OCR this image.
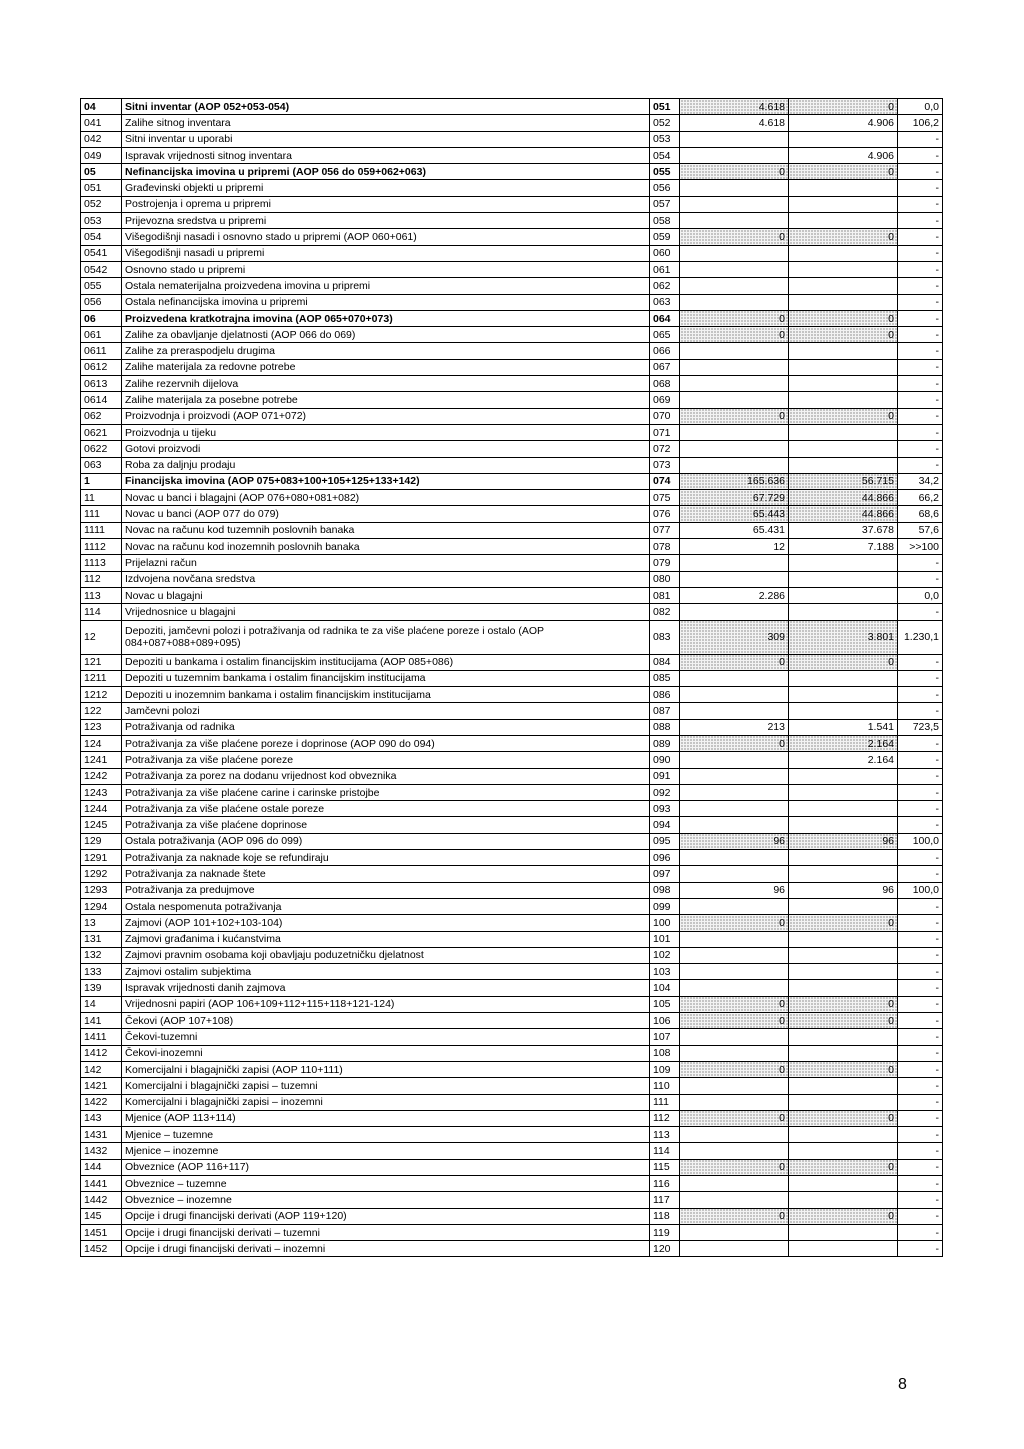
04	Sitni inventar (AOP 052+053-054)	051	4.618	0	0,0
041	Zalihe sitnog inventara	052	4.618	4.906	106,2
042	Sitni inventar u uporabi	053			-
049	Ispravak vrijednosti sitnog inventara	054		4.906	-
05	Nefinancijska imovina u pripremi (AOP 056 do 059+062+063)	055	0	0	-
051	Građevinski objekti u pripremi	056			-
052	Postrojenja i oprema u pripremi	057			-
053	Prijevozna sredstva u pripremi	058			-
054	Višegodišnji nasadi i osnovno stado u pripremi (AOP 060+061)	059	0	0	-
0541	Višegodišnji nasadi u pripremi	060			-
0542	Osnovno stado u pripremi	061			-
055	Ostala nematerijalna proizvedena imovina u pripremi	062			-
056	Ostala nefinancijska imovina u pripremi	063			-
06	Proizvedena kratkotrajna imovina (AOP 065+070+073)	064	0	0	-
061	Zalihe za obavljanje djelatnosti (AOP 066 do 069)	065	0	0	-
0611	Zalihe za preraspodjelu drugima	066			-
0612	Zalihe materijala za redovne potrebe	067			-
0613	Zalihe rezervnih dijelova	068			-
0614	Zalihe materijala za posebne potrebe	069			-
062	Proizvodnja i proizvodi (AOP 071+072)	070	0	0	-
0621	Proizvodnja u tijeku	071			-
0622	Gotovi proizvodi	072			-
063	Roba za daljnju prodaju	073			-
1	Financijska imovina (AOP 075+083+100+105+125+133+142)	074	165.636	56.715	34,2
11	Novac u banci i blagajni (AOP 076+080+081+082)	075	67.729	44.866	66,2
111	Novac u banci (AOP 077 do 079)	076	65.443	44.866	68,6
1111	Novac na računu kod tuzemnih poslovnih banaka	077	65.431	37.678	57,6
1112	Novac na računu kod inozemnih poslovnih banaka	078	12	7.188	>>100
1113	Prijelazni račun	079			-
112	Izdvojena novčana sredstva	080			-
113	Novac u blagajni	081	2.286		0,0
114	Vrijednosnice u blagajni	082			-
12	Depoziti, jamčevni polozi i potraživanja od radnika te za više plaćene poreze i ostalo (AOP 084+087+088+089+095)	083	309	3.801	1.230,1
121	Depoziti u bankama i ostalim financijskim institucijama (AOP 085+086)	084	0	0	-
1211	Depoziti u tuzemnim bankama i ostalim financijskim institucijama	085			-
1212	Depoziti u inozemnim bankama i ostalim financijskim institucijama	086			-
122	Jamčevni polozi	087			-
123	Potraživanja od radnika	088	213	1.541	723,5
124	Potraživanja za više plaćene poreze i doprinose (AOP 090 do 094)	089	0	2.164	-
1241	Potraživanja za više plaćene poreze	090		2.164	-
1242	Potraživanja za porez na dodanu vrijednost kod obveznika	091			-
1243	Potraživanja za više plaćene carine i carinske pristojbe	092			-
1244	Potraživanja za više plaćene ostale poreze	093			-
1245	Potraživanja za više plaćene doprinose	094			-
129	Ostala potraživanja (AOP 096 do 099)	095	96	96	100,0
1291	Potraživanja za naknade koje se refundiraju	096			-
1292	Potraživanja za naknade štete	097			-
1293	Potraživanja za predujmove	098	96	96	100,0
1294	Ostala nespomenuta potraživanja	099			-
13	Zajmovi (AOP 101+102+103-104)	100	0	0	-
131	Zajmovi građanima i kućanstvima	101			-
132	Zajmovi pravnim osobama koji obavljaju poduzetničku djelatnost	102			-
133	Zajmovi ostalim subjektima	103			-
139	Ispravak vrijednosti danih zajmova	104			-
14	Vrijednosni papiri (AOP 106+109+112+115+118+121-124)	105	0	0	-
141	Čekovi (AOP 107+108)	106	0	0	-
1411	Čekovi-tuzemni	107			-
1412	Čekovi-inozemni	108			-
142	Komercijalni i blagajnički zapisi (AOP 110+111)	109	0	0	-
1421	Komercijalni i blagajnički zapisi – tuzemni	110			-
1422	Komercijalni i blagajnički zapisi – inozemni	111			-
143	Mjenice (AOP 113+114)	112	0	0	-
1431	Mjenice – tuzemne	113			-
1432	Mjenice – inozemne	114			-
144	Obveznice (AOP 116+117)	115	0	0	-
1441	Obveznice – tuzemne	116			-
1442	Obveznice – inozemne	117			-
145	Opcije i drugi financijski derivati (AOP 119+120)	118	0	0	-
1451	Opcije i drugi financijski derivati – tuzemni	119			-
1452	Opcije i drugi financijski derivati – inozemni	120			-
8
